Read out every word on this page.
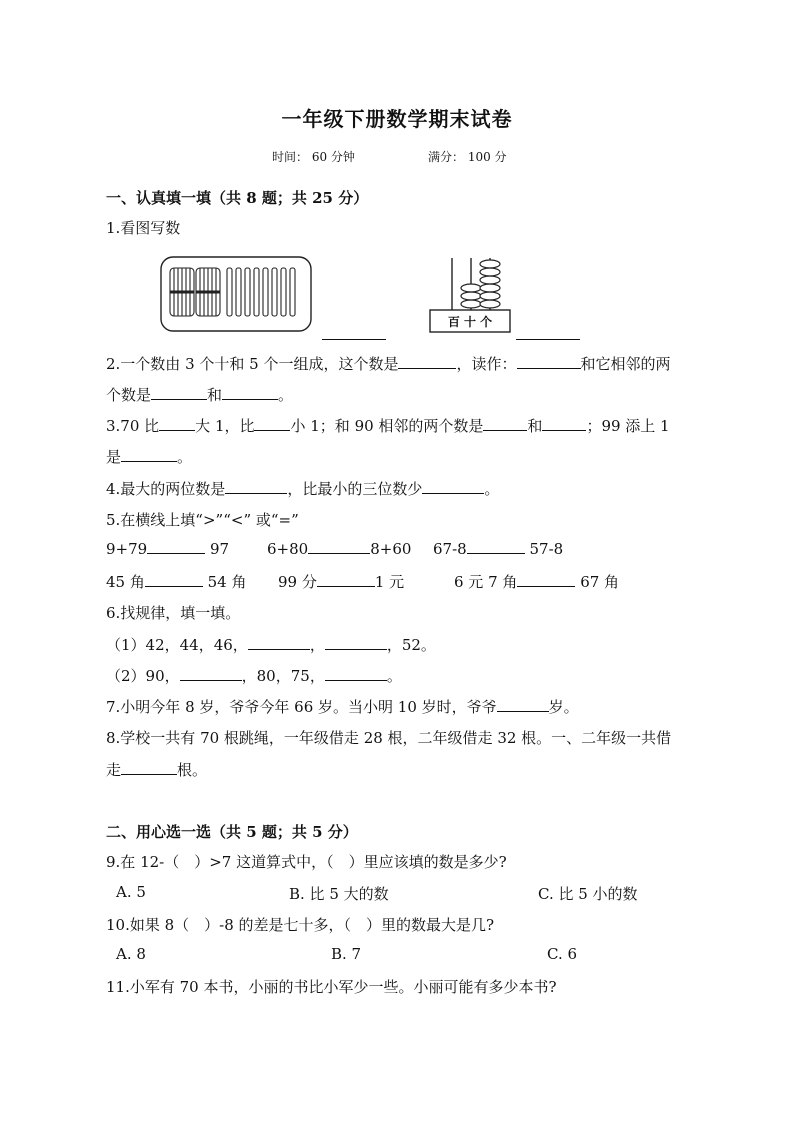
一年级下册数学期末试卷
时间： 60 分钟	满分： 100 分
一、认真填一填（共 8 题；共 25 分）
1.看图写数
百 十 个
2.一个数由 3 个十和 5 个一组成，这个数是	，读作：	和它相邻的两
个数是	和	。
3.70 比 大 1，比 小 1；和 90 相邻的两个数是	和	；99 添上 1
是	。
4.最大的两位数是	，比最小的三位数少	。
5.在横线上填“>”“<” 或“=”
9+79	97	6+80	8+60 67-8	57-8
45 角	54 角 99 分	1 元	6 元 7 角	67 角
6.找规律，填一填。
（1）42，44，46，	，	，52。
（2）90，	，80，75，	。
7.小明今年 8 岁，爷爷今年 66 岁。当小明 10 岁时，爷爷	岁。
8.学校一共有 70 根跳绳，一年级借走 28 根，二年级借走 32 根。一、二年级一共借
走	根。
二、用心选一选（共 5 题；共 5 分）
9.在 12-（　）>7 这道算式中，（　）里应该填的数是多少?
A. 5	B. 比 5 大的数	C. 比 5 小的数
10.如果 8（　）-8 的差是七十多，（　）里的数最大是几?
A. 8	B. 7	C. 6
11.小军有 70 本书，小丽的书比小军少一些。小丽可能有多少本书?
